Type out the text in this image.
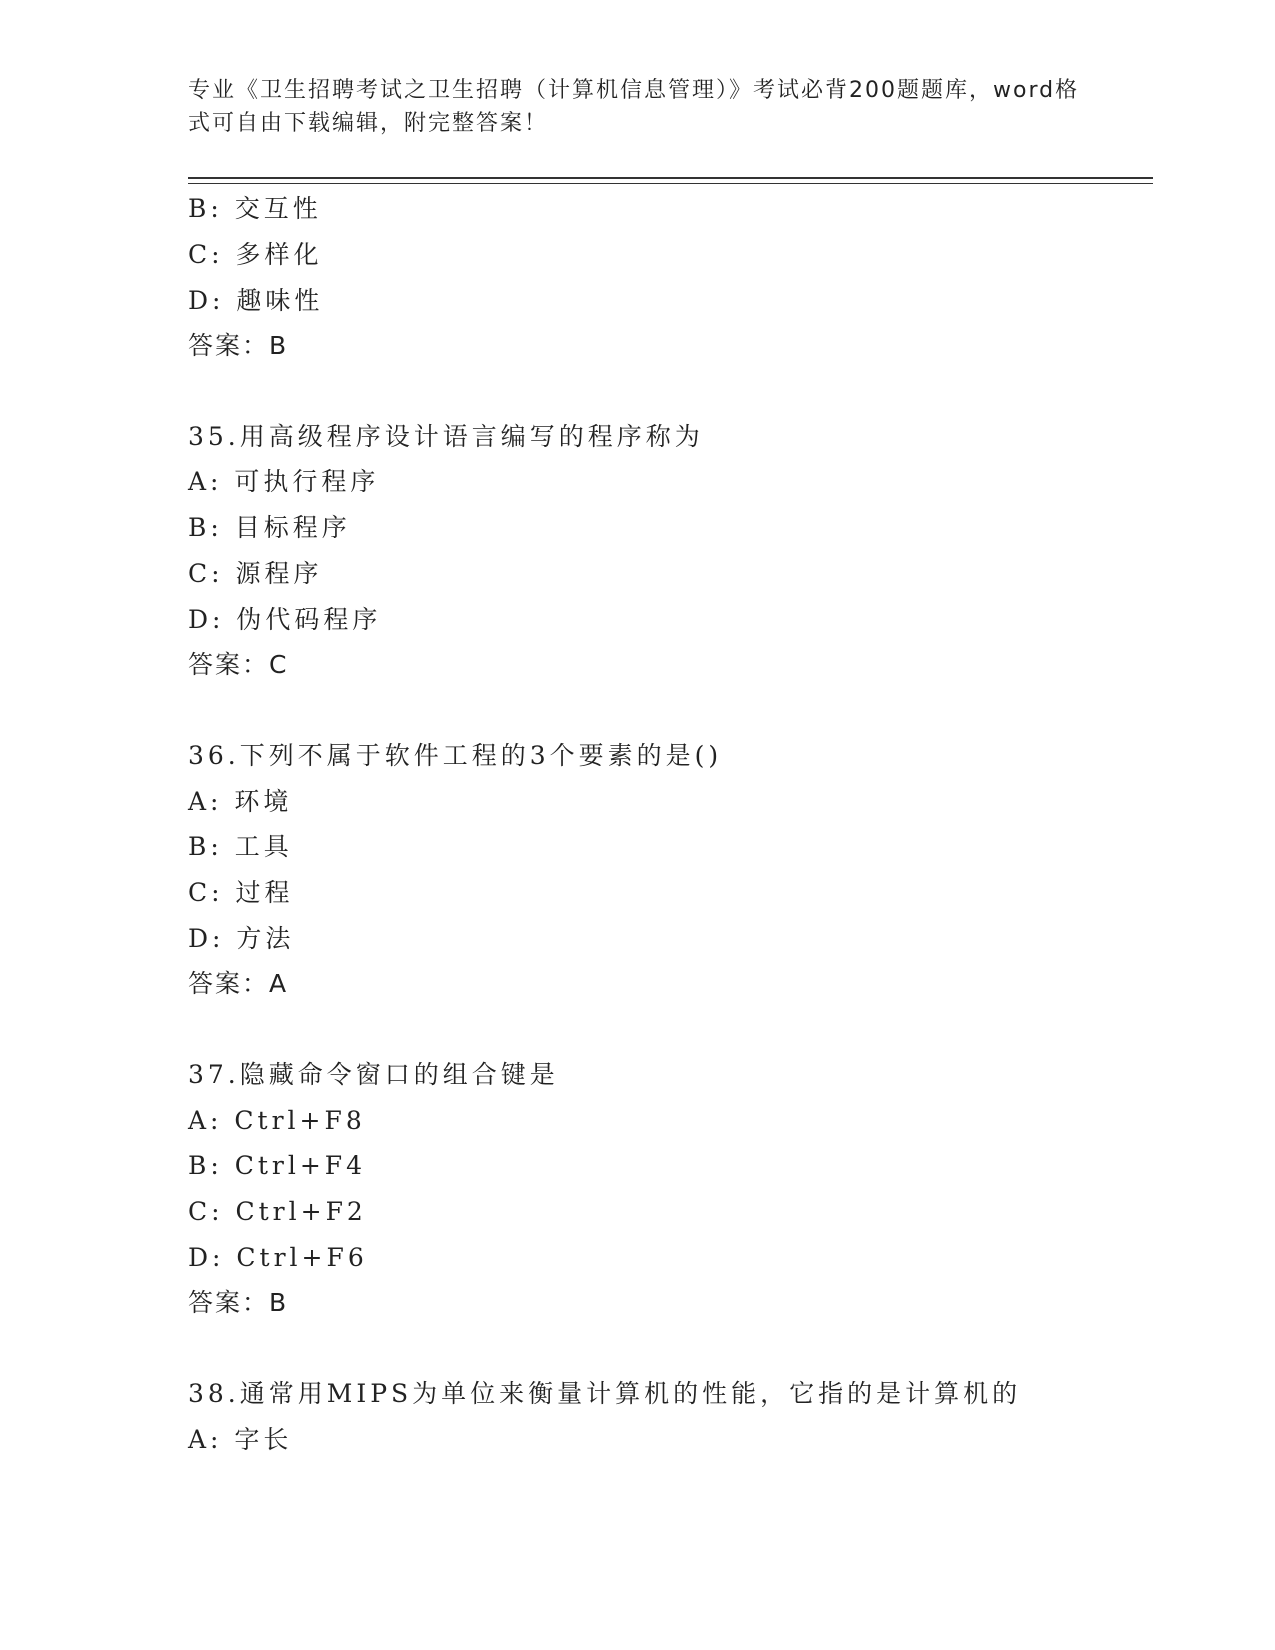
专业《卫生招聘考试之卫生招聘（计算机信息管理）》考试必背200题题库，word格式可自由下载编辑，附完整答案！
B: 交互性
C: 多样化
D: 趣味性
答案：B
35.用高级程序设计语言编写的程序称为
A: 可执行程序
B: 目标程序
C: 源程序
D: 伪代码程序
答案：C
36.下列不属于软件工程的3个要素的是()
A: 环境
B: 工具
C: 过程
D: 方法
答案：A
37.隐藏命令窗口的组合键是
A: Ctrl+F8
B: Ctrl+F4
C: Ctrl+F2
D: Ctrl+F6
答案：B
38.通常用MIPS为单位来衡量计算机的性能，它指的是计算机的
A: 字长
